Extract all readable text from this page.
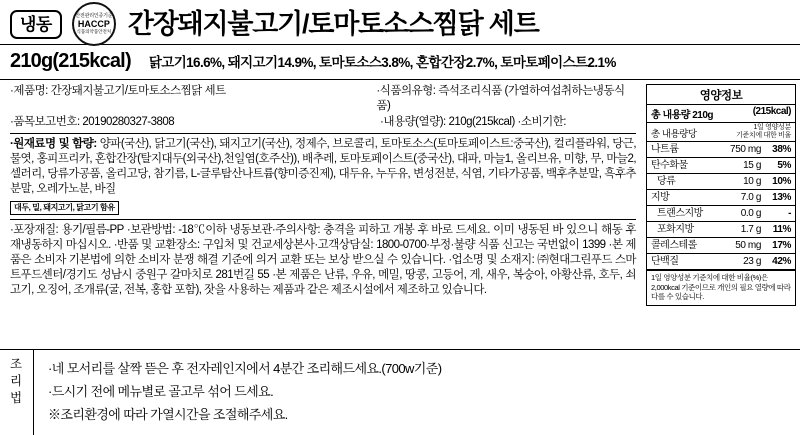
냉동	안전관리인증기준
HACCP
식품의약품안전처 간장돼지불고기/토마토소스찜닭 세트
210g(215kcal) 닭고기16.6%, 돼지고기14.9%, 토마토소스3.8%, 혼합간장2.7%, 토마토페이스트2.1%
·제품명: 간장돼지불고기/토마토소스찜닭 세트	·식품의유형: 즉석조리식품 (가열하여섭취하는냉동식품)
·품목보고번호: 20190280327-3808	·내용량(열량): 210g(215kcal) ·소비기한:
·원재료명 및 함량: 양파(국산), 닭고기(국산), 돼지고기(국산), 정제수, 브로콜리, 토마토소스(토마토페이스트:중국산), 컬리플라워, 당근, 물엿, 홍피프리카, 혼합간장(탈지대두(외국산),천일염(호주산)), 배추레, 토마토페이스트(중국산), 대파, 마늘1, 올리브유, 미향, 무, 마늘2, 셀러리, 당류가공품, 올리고당, 참기름, L-글루탐산나트륨(향미증진제), 대두유, 누두유, 변성전분, 식염, 기타가공품, 백후추분말, 흑후추분말, 오레가노분, 바질
대두, 밀, 돼지고기, 닭고기 함유
·포장재질: 용기/필름-PP ·보관방법: -18℃이하 냉동보관·주의사항: 충격을 피하고 개봉 후 바로 드세요. 이미 냉동된 바 있으니 해동 후 재냉동하지 마십시오. ·반품 및 교환장소: 구입처 및 건교세상본사·고객상담실: 1800-0700·부정·불량 식품 신고는 국번없이 1399 ·본 제품은 소비자 기본법에 의한 소비자 분쟁 해결 기준에 의거 교환 또는 보상 받으실 수 있습니다. ·업소명 및 소재지: ㈜현대그린푸드 스마트푸드센터/경기도 성남시 중원구 갈마치로 281번길 55 ·본 제품은 난류, 우유, 메밀, 땅콩, 고등어, 게, 새우, 복숭아, 아황산류, 호두, 쇠고기, 오징어, 조개류(굴, 전복, 홍합 포함), 잣을 사용하는 제품과 같은 제조시설에서 제조하고 있습니다.
영양정보
총 내용량 210g	(215kcal)
총 내용량당
1일 영양성분
기준치에 대한 비율
나트륨	750 mg	38%
탄수화물	15 g	5%
당류	10 g	10%
지방	7.0 g	13%
트랜스지방	0.0 g	-
포화지방	1.7 g	11%
콜레스테롤	50 mg	17%
단백질	23 g	42%
1일 영양성분 기준치에 대한 비율(%)은 2,000kcal 기준이므로 개인의 필요 열량에 따라 다를 수 있습니다.
조
리
법
·네 모서리를 살짝 뜯은 후 전자레인지에서 4분간 조리해드세요.(700w기준)
·드시기 전에 메뉴별로 골고루 섞어 드세요.
※조리환경에 따라 가열시간을 조절해주세요.
